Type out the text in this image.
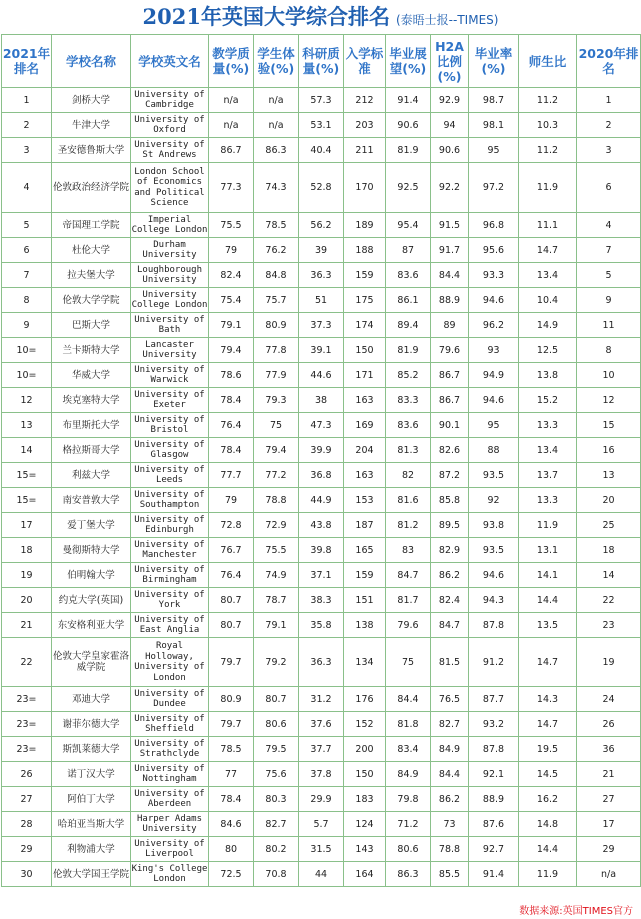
2021年英国大学综合排名 (泰晤士报--TIMES)
2021年排名	学校名称	学校英文名	教学质量(%)	学生体验(%)	科研质量(%)	入学标准	毕业展望(%)	H2A比例(%)	毕业率(%)	师生比	2020年排名
1	剑桥大学	University of Cambridge	n/a	n/a	57.3	212	91.4	92.9	98.7	11.2	1
2	牛津大学	University of Oxford	n/a	n/a	53.1	203	90.6	94	98.1	10.3	2
3	圣安德鲁斯大学	University of St Andrews	86.7	86.3	40.4	211	81.9	90.6	95	11.2	3
4	伦敦政治经济学院	London School of Economics and Political Science	77.3	74.3	52.8	170	92.5	92.2	97.2	11.9	6
5	帝国理工学院	Imperial College London	75.5	78.5	56.2	189	95.4	91.5	96.8	11.1	4
6	杜伦大学	Durham University	79	76.2	39	188	87	91.7	95.6	14.7	7
7	拉夫堡大学	Loughborough University	82.4	84.8	36.3	159	83.6	84.4	93.3	13.4	5
8	伦敦大学学院	University College London	75.4	75.7	51	175	86.1	88.9	94.6	10.4	9
9	巴斯大学	University of Bath	79.1	80.9	37.3	174	89.4	89	96.2	14.9	11
10=	兰卡斯特大学	Lancaster University	79.4	77.8	39.1	150	81.9	79.6	93	12.5	8
10=	华威大学	University of Warwick	78.6	77.9	44.6	171	85.2	86.7	94.9	13.8	10
12	埃克塞特大学	University of Exeter	78.4	79.3	38	163	83.3	86.7	94.6	15.2	12
13	布里斯托大学	University of Bristol	76.4	75	47.3	169	83.6	90.1	95	13.3	15
14	格拉斯哥大学	University of Glasgow	78.4	79.4	39.9	204	81.3	82.6	88	13.4	16
15=	利兹大学	University of Leeds	77.7	77.2	36.8	163	82	87.2	93.5	13.7	13
15=	南安普敦大学	University of Southampton	79	78.8	44.9	153	81.6	85.8	92	13.3	20
17	爱丁堡大学	University of Edinburgh	72.8	72.9	43.8	187	81.2	89.5	93.8	11.9	25
18	曼彻斯特大学	University of Manchester	76.7	75.5	39.8	165	83	82.9	93.5	13.1	18
19	伯明翰大学	University of Birmingham	76.4	74.9	37.1	159	84.7	86.2	94.6	14.1	14
20	约克大学(英国)	University of York	80.7	78.7	38.3	151	81.7	82.4	94.3	14.4	22
21	东安格利亚大学	University of East Anglia	80.7	79.1	35.8	138	79.6	84.7	87.8	13.5	23
22	伦敦大学皇家霍洛威学院	Royal Holloway, University of London	79.7	79.2	36.3	134	75	81.5	91.2	14.7	19
23=	邓迪大学	University of Dundee	80.9	80.7	31.2	176	84.4	76.5	87.7	14.3	24
23=	谢菲尔德大学	University of Sheffield	79.7	80.6	37.6	152	81.8	82.7	93.2	14.7	26
23=	斯凯莱德大学	University of Strathclyde	78.5	79.5	37.7	200	83.4	84.9	87.8	19.5	36
26	诺丁汉大学	University of Nottingham	77	75.6	37.8	150	84.9	84.4	92.1	14.5	21
27	阿伯丁大学	University of Aberdeen	78.4	80.3	29.9	183	79.8	86.2	88.9	16.2	27
28	哈珀亚当斯大学	Harper Adams University	84.6	82.7	5.7	124	71.2	73	87.6	14.8	17
29	利物浦大学	University of Liverpool	80	80.2	31.5	143	80.6	78.8	92.7	14.4	29
30	伦敦大学国王学院	King's College London	72.5	70.8	44	164	86.3	85.5	91.4	11.9	n/a
数据来源:英国TIMES官方
